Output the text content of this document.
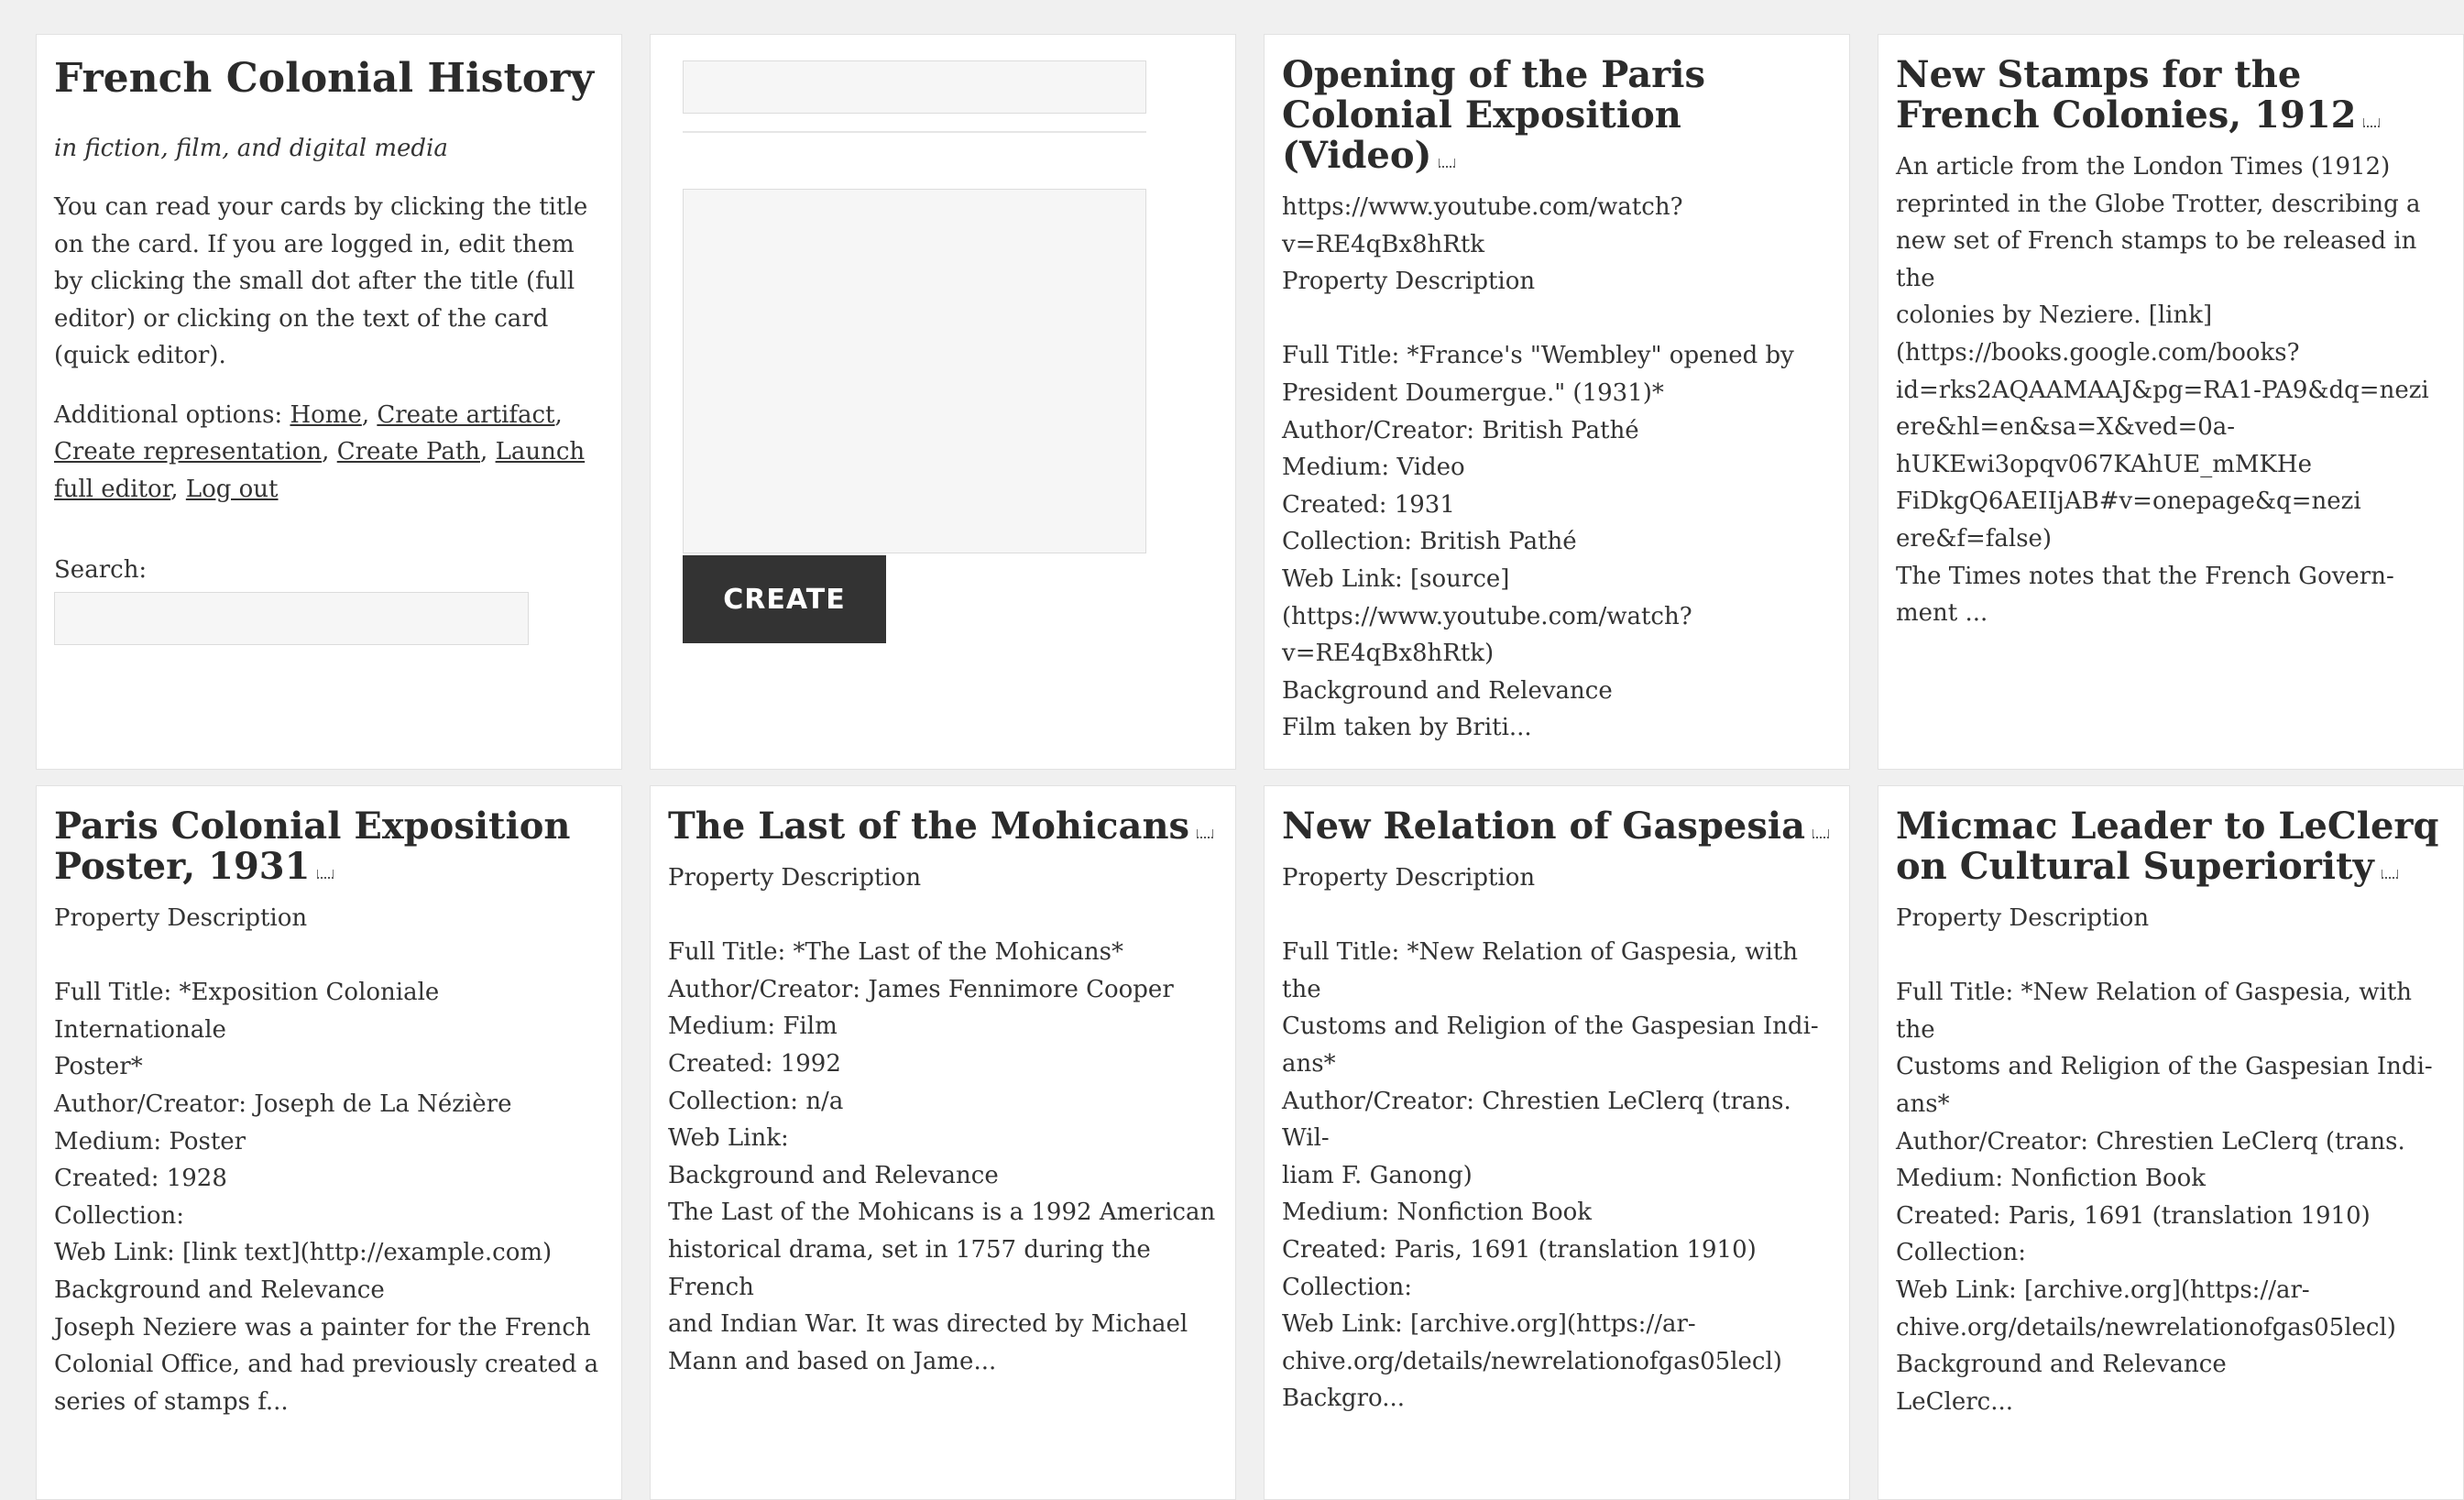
French Colonial History

in fiction, film, and digital media

You can read your cards by clicking the title on the card. If you are logged in, edit them by clicking the small dot after the title (full editor) or clicking on the text of the card (quick editor).

Additional options: Home, Create artifact, Create representation, Create Path, Launch full editor, Log out

Search:
CREATE
Opening of the Paris Colonial Exposition (Video)
https://www.youtube.com/watch?
v=RE4qBx8hRtk
Property Description
Full Title: *France's "Wembley" opened by
President Doumergue." (1931)*
Author/Creator: British Pathé
Medium: Video
Created: 1931
Collection: British Pathé
Web Link: [source]
(https://www.youtube.com/watch?
v=RE4qBx8hRtk)
Background and Relevance
Film taken by Briti...
New Stamps for the French Colonies, 1912
An article from the London Times (1912)
reprinted in the Globe Trotter, describing a
new set of French stamps to be released in the
colonies by Neziere. [link]
(https://books.google.com/books?
id=rks2AQAAMAAJ&pg=RA1-PA9&dq=nezi
ere&hl=en&sa=X&ved=0a-
hUKEwi3opqv067KAhUE_mMKHe
FiDkgQ6AEIIjAB#v=onepage&q=nezi
ere&f=false)
The Times notes that the French Govern-
ment ...
Paris Colonial Exposition Poster, 1931
Property Description
Full Title: *Exposition Coloniale Internationale
Poster*
Author/Creator: Joseph de La Nézière
Medium: Poster
Created: 1928
Collection:
Web Link: [link text](http://example.com)
Background and Relevance
Joseph Neziere was a painter for the French
Colonial Office, and had previously created a
series of stamps f...
The Last of the Mohicans
Property Description
Full Title: *The Last of the Mohicans*
Author/Creator: James Fennimore Cooper
Medium: Film
Created: 1992
Collection: n/a
Web Link:
Background and Relevance
The Last of the Mohicans is a 1992 American
historical drama, set in 1757 during the French
and Indian War. It was directed by Michael
Mann and based on Jame...
New Relation of Gaspesia
Property Description
Full Title: *New Relation of Gaspesia, with the
Customs and Religion of the Gaspesian Indi-
ans*
Author/Creator: Chrestien LeClerq (trans. Wil-
liam F. Ganong)
Medium: Nonfiction Book
Created: Paris, 1691 (translation 1910)
Collection:
Web Link: [archive.org](https://ar-
chive.org/details/newrelationofgas05lecl)
Backgro...
Micmac Leader to LeClerq on Cultural Superiority
Property Description
Full Title: *New Relation of Gaspesia, with the
Customs and Religion of the Gaspesian Indi-
ans*
Author/Creator: Chrestien LeClerq (trans.
Medium: Nonfiction Book
Created: Paris, 1691 (translation 1910)
Collection:
Web Link: [archive.org](https://ar-
chive.org/details/newrelationofgas05lecl)
Background and Relevance
LeClerc...
